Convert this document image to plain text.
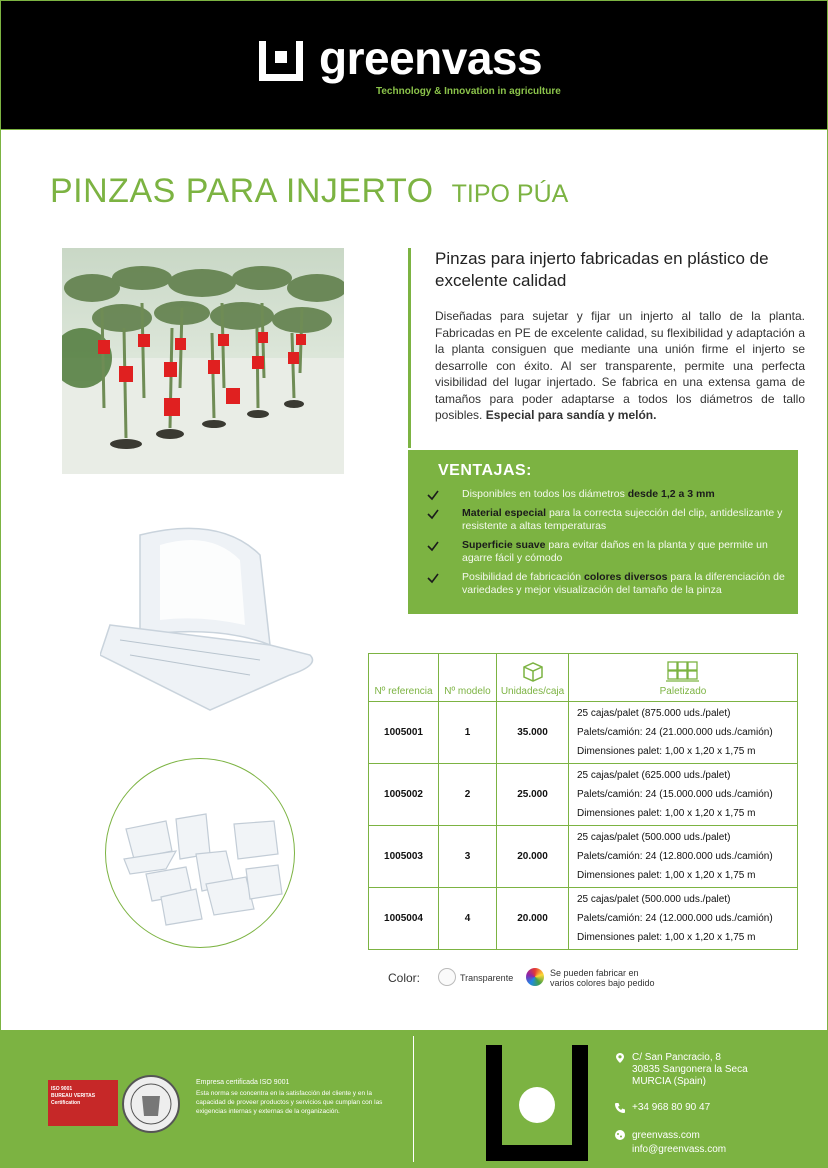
greenvass
Technology & Innovation in agriculture
PINZAS PARA INJERTO TIPO PÚA
Pinzas para injerto fabricadas en plástico de excelente calidad

Diseñadas para sujetar y fijar un injerto al tallo de la planta. Fabricadas en PE de excelente calidad, su flexibilidad y adaptación a la planta consiguen que mediante una unión firme el injerto se desarrolle con éxito. Al ser transparente, permite una perfecta visibilidad del lugar injertado. Se fabrica en una extensa gama de tamaños para poder adaptarse a todos los diámetros de tallo posibles. Especial para sandía y melón.

VENTAJAS:
Disponibles en todos los diámetros desde 1,2 a 3 mm
Material especial para la correcta sujección del clip, antideslizante y resistente a altas temperaturas
Superficie suave para evitar daños en la planta y que permite un agarre fácil y cómodo
Posibilidad de fabricación colores diversos para la diferenciación de variedades y mejor visualización del tamaño de la pinza
Nº referencia	Nº modelo	Unidades/caja	Paletizado
1005001	1	35.000	25 cajas/palet (875.000 uds./palet)
Palets/camión: 24 (21.000.000 uds./camión)
Dimensiones palet: 1,00 x 1,20 x 1,75 m

1005002	2	25.000	25 cajas/palet (625.000 uds./palet)
Palets/camión: 24 (15.000.000 uds./camión)
Dimensiones palet: 1,00 x 1,20 x 1,75 m

1005003	3	20.000	25 cajas/palet (500.000 uds./palet)
Palets/camión: 24 (12.800.000 uds./camión)
Dimensiones palet: 1,00 x 1,20 x 1,75 m

1005004	4	20.000	25 cajas/palet (500.000 uds./palet)
Palets/camión: 24 (12.000.000 uds./camión)
Dimensiones palet: 1,00 x 1,20 x 1,75 m
Color:	Transparente	Se pueden fabricar en varios colores bajo pedido
ISO 9001
BUREAU VERITAS Certification
Empresa certificada ISO 9001
Esta norma se concentra en la satisfacción del cliente y en la capacidad de proveer productos y servicios que cumplan con las exigencias internas y externas de la organización.
C/ San Pancracio, 8
30835 Sangonera la Seca
MURCIA (Spain)
+34 968 80 90 47
greenvass.com
info@greenvass.com
